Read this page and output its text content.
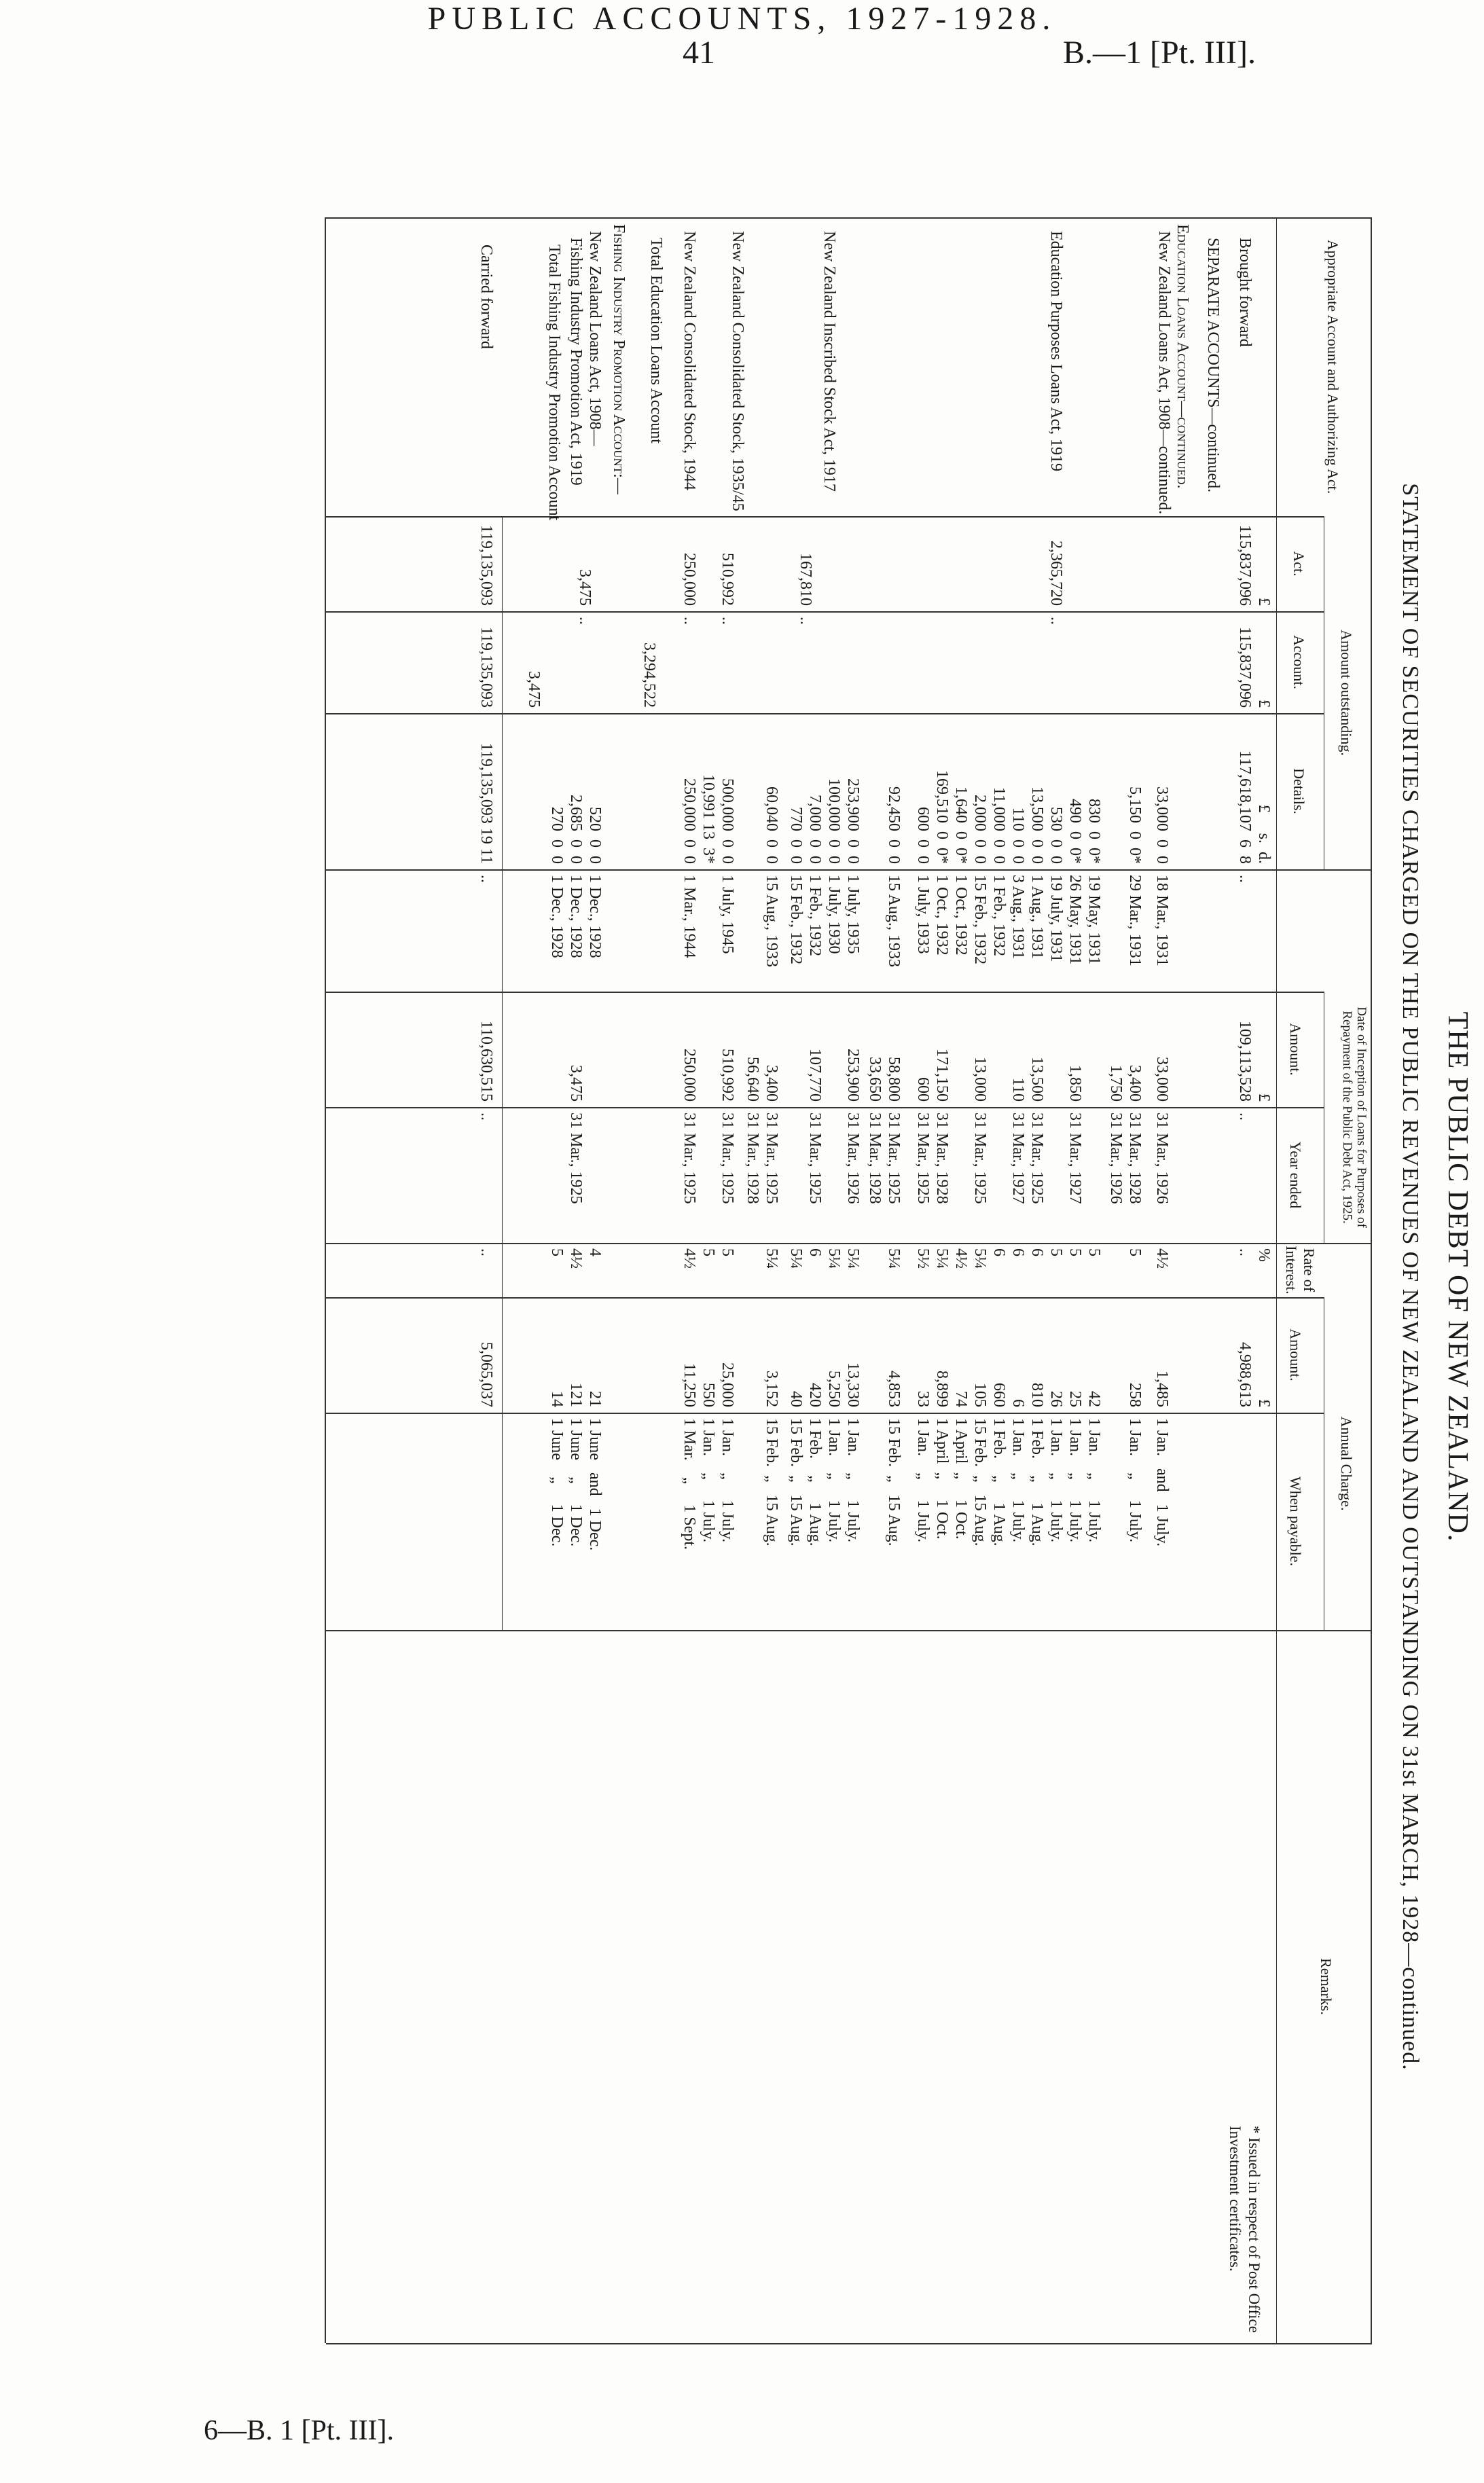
41	B.—1 [Pt. III].
PUBLIC ACCOUNTS, 1927-1928.
THE PUBLIC DEBT OF NEW ZEALAND.
STATEMENT OF SECURITIES CHARGED ON THE PUBLIC REVENUES OF NEW ZEALAND AND OUTSTANDING ON 31st MARCH, 1928—continued.
Appropriate Account and Authorizing Act.
Act.
Account.
Details.
Amount.
Year ended
Rate of Interest.
Amount.
When payable.
Remarks.
Amount outstanding.
Date of Inception of Loans for Purposes of Repayment of the Public Debt Act, 1925.
Annual Charge.
£
£
£     s.  d.
£
%
£
Brought forward
115,837,096
115,837,096
117,618,107  6  8
..
109,113,528
..
..
4,988,613
SEPARATE ACCOUNTS—continued.
Education Loans Account—continued.
New Zealand Loans Act, 1908—continued.
33,000  0  0
18 Mar., 1931
33,000
31 Mar., 1926
4½
1,485
1 Jan.   and   1 July.
5,150  0  0*
29 Mar., 1931
3,400
31 Mar., 1928
5
258
1 Jan.    „     1 July.
1,750
31 Mar., 1926
830  0  0*
19 May, 1931
5
42
1 Jan.    „     1 July.
490  0  0*
26 May, 1931
1,850
31 Mar., 1927
5
25
1 Jan.    „     1 July.
530  0  0
19 July, 1931
5
26
1 Jan.    „     1 July.
13,500  0  0
1 Aug., 1931
13,500
31 Mar., 1925
6
810
1 Feb.    „     1 Aug.
110  0  0
3 Aug., 1931
110
31 Mar., 1927
6
6
1 Jan.    „     1 July.
11,000  0  0
1 Feb., 1932
6
660
1 Feb.    „     1 Aug.
2,000  0  0
15 Feb., 1932
13,000
31 Mar., 1925
5¼
105
15 Feb.  „   15 Aug.
1,640  0  0*
1 Oct., 1932
4½
74
1 April  „     1 Oct.
169,510  0  0*
1 Oct., 1932
171,150
31 Mar., 1928
5¼
8,899
1 April  „     1 Oct.
600  0  0
1 July, 1933
600
31 Mar., 1925
5½
33
1 Jan.    „     1 July.
92,450  0  0
15 Aug., 1933
58,800
31 Mar., 1925
5¼
4,853
15 Feb.  „   15 Aug.
33,650
31 Mar., 1928
253,900  0  0
1 July, 1935
253,900
31 Mar., 1926
5¼
13,330
1 Jan.    „     1 July.
100,000  0  0
1 July, 1930
5¼
5,250
1 Jan.    „     1 July.
7,000  0  0
1 Feb., 1932
107,770
31 Mar., 1925
6
420
1 Feb.    „     1 Aug.
770  0  0
15 Feb., 1932
5¼
40
15 Feb.  „   15 Aug.
60,040  0  0
15 Aug., 1933
3,400
31 Mar., 1925
5¼
3,152
15 Feb.  „   15 Aug.
56,640
31 Mar., 1928
500,000  0  0
1 July, 1945
510,992
31 Mar., 1925
5
25,000
1 Jan.    „     1 July.
10,991 13  3*
5
550
1 Jan.    „     1 July.
250,000  0  0
1 Mar., 1944
250,000
31 Mar., 1925
4½
11,250
1 Mar.    „     1 Sept.
520  0  0
1 Dec., 1928
4
21
1 June   and   1 Dec.
2,685  0  0
1 Dec., 1928
3,475
31 Mar., 1925
4½
121
1 June    „     1 Dec.
270  0  0
1 Dec., 1928
5
14
1 June    „     1 Dec.
Education Purposes Loans Act, 1919
2,365,720
..
New Zealand Inscribed Stock Act, 1917
167,810
..
New Zealand Consolidated Stock, 1935/45
510,992
..
New Zealand Consolidated Stock, 1944
250,000
..
Total Education Loans Account
3,294,522
Fishing Industry Promotion Account:—
New Zealand Loans Act, 1908—
Fishing Industry Promotion Act, 1919
3,475
..
Total Fishing Industry Promotion Account
3,475
Carried forward
119,135,093
119,135,093
119,135,093 19 11
..
110,630,515
..
..
5,065,037
* Issued in respect of Post Office Investment certificates.
6—B. 1 [Pt. III].
